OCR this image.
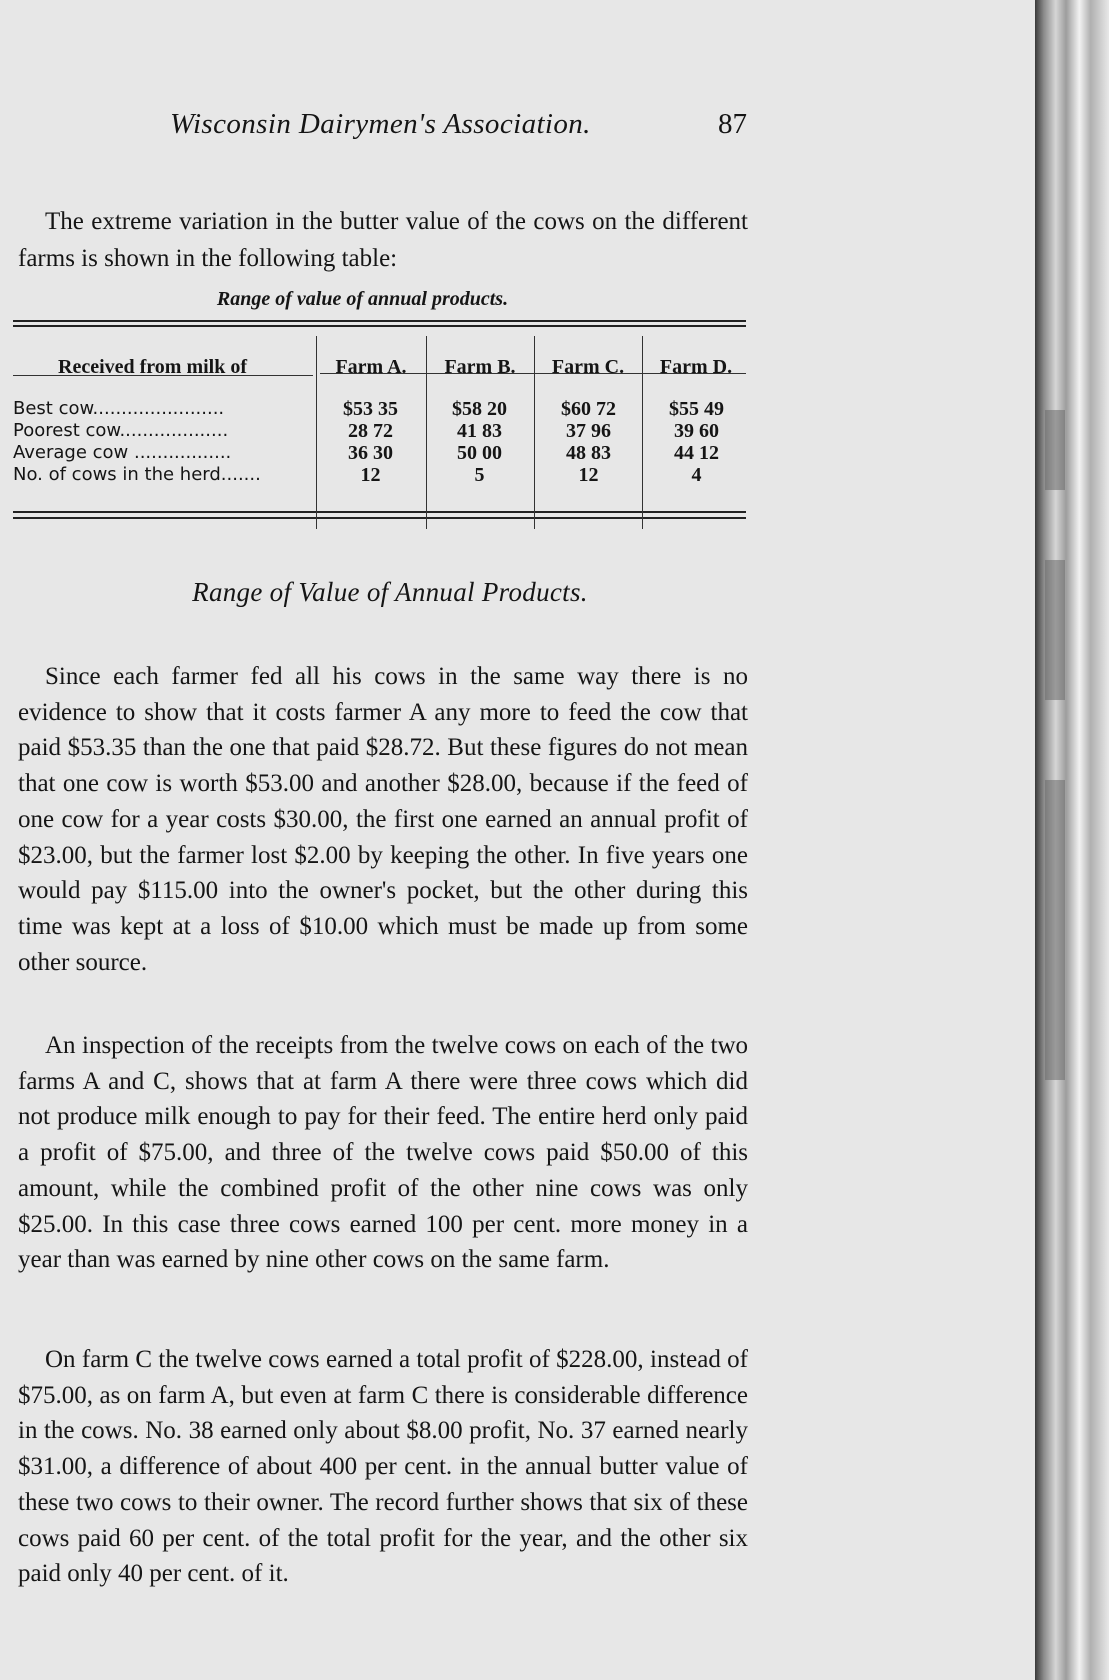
Wisconsin Dairymen's Association.	87

The extreme variation in the butter value of the cows on the different farms is shown in the following table:

Range of value of annual products.
Received from milk of	Farm A.	Farm B.	Farm C.	Farm D.
Best cow.......................	$53 35	$58 20	$60 72	$55 49
Poorest cow...................	28 72	41 83	37 96	39 60
Average cow .................	36 30	50 00	48 83	44 12
No. of cows in the herd.......	12	5	12	4
Range of Value of Annual Products.

Since each farmer fed all his cows in the same way there is no evidence to show that it costs farmer A any more to feed the cow that paid $53.35 than the one that paid $28.72. But these figures do not mean that one cow is worth $53.00 and another $28.00, because if the feed of one cow for a year costs $30.00, the first one earned an annual profit of $23.00, but the farmer lost $2.00 by keeping the other. In five years one would pay $115.00 into the owner's pocket, but the other during this time was kept at a loss of $10.00 which must be made up from some other source.

An inspection of the receipts from the twelve cows on each of the two farms A and C, shows that at farm A there were three cows which did not produce milk enough to pay for their feed. The entire herd only paid a profit of $75.00, and three of the twelve cows paid $50.00 of this amount, while the combined profit of the other nine cows was only $25.00. In this case three cows earned 100 per cent. more money in a year than was earned by nine other cows on the same farm.

On farm C the twelve cows earned a total profit of $228.00, instead of $75.00, as on farm A, but even at farm C there is considerable difference in the cows. No. 38 earned only about $8.00 profit, No. 37 earned nearly $31.00, a difference of about 400 per cent. in the annual butter value of these two cows to their owner. The record further shows that six of these cows paid 60 per cent. of the total profit for the year, and the other six paid only 40 per cent. of it.
